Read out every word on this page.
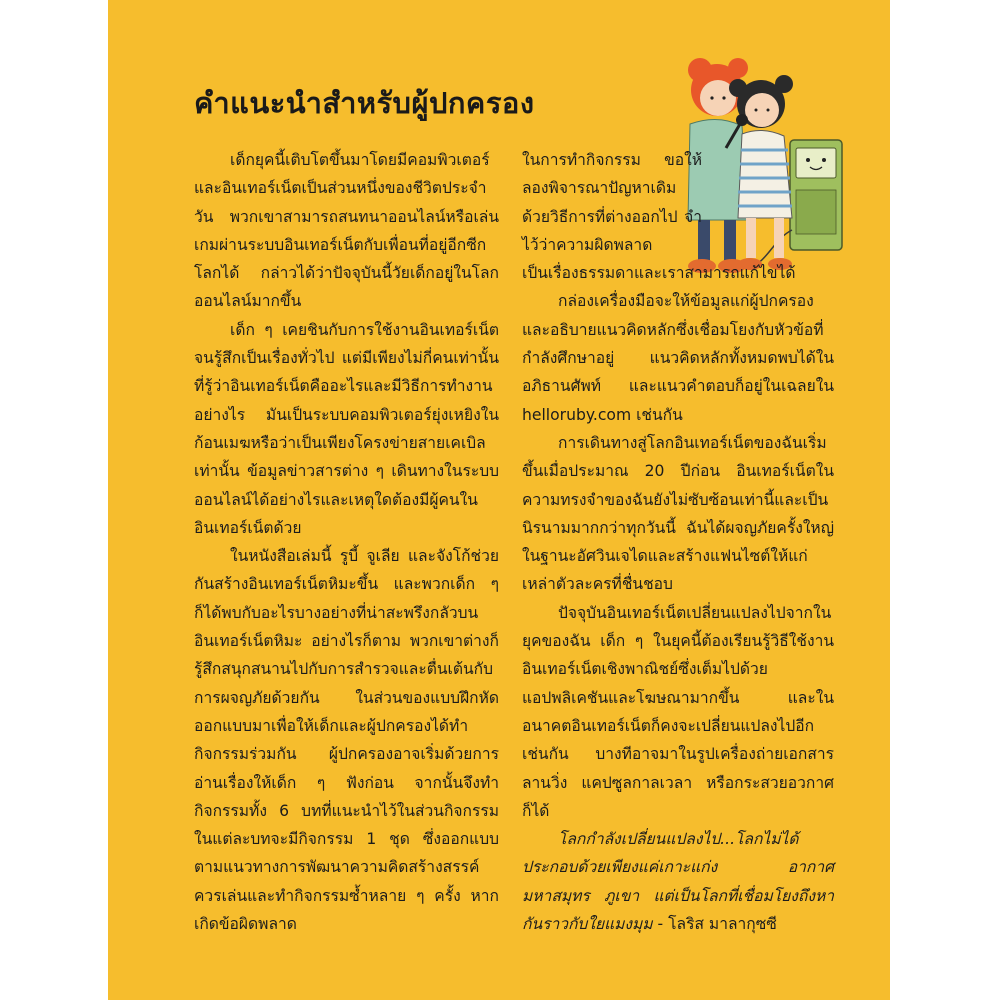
คำแนะนำสำหรับผู้ปกครอง

เด็กยุคนี้เติบโตขึ้นมาโดยมีคอมพิวเตอร์และอินเทอร์เน็ตเป็นส่วนหนึ่งของชีวิตประจำวัน พวกเขาสามารถสนทนาออนไลน์หรือเล่นเกมผ่านระบบอินเทอร์เน็ตกับเพื่อนที่อยู่อีกซีกโลกได้ กล่าวได้ว่าปัจจุบันนี้วัยเด็กอยู่ในโลกออนไลน์มากขึ้น

เด็ก ๆ เคยชินกับการใช้งานอินเทอร์เน็ตจนรู้สึกเป็นเรื่องทั่วไป แต่มีเพียงไม่กี่คนเท่านั้นที่รู้ว่าอินเทอร์เน็ตคืออะไรและมีวิธีการทำงานอย่างไร มันเป็นระบบคอมพิวเตอร์ยุ่งเหยิงในก้อนเมฆหรือว่าเป็นเพียงโครงข่ายสายเคเบิลเท่านั้น ข้อมูลข่าวสารต่าง ๆ เดินทางในระบบออนไลน์ได้อย่างไรและเหตุใดต้องมีผู้คนในอินเทอร์เน็ตด้วย

ในหนังสือเล่มนี้ รูบี้ จูเลีย และจังโก้ช่วยกันสร้างอินเทอร์เน็ตหิมะขึ้น และพวกเด็ก ๆ ก็ได้พบกับอะไรบางอย่างที่น่าสะพรึงกลัวบนอินเทอร์เน็ตหิมะ อย่างไรก็ตาม พวกเขาต่างก็รู้สึกสนุกสนานไปกับการสำรวจและตื่นเต้นกับการผจญภัยด้วยกัน ในส่วนของแบบฝึกหัดออกแบบมาเพื่อให้เด็กและผู้ปกครองได้ทำกิจกรรมร่วมกัน ผู้ปกครองอาจเริ่มด้วยการอ่านเรื่องให้เด็ก ๆ ฟังก่อน จากนั้นจึงทำกิจกรรมทั้ง 6 บทที่แนะนำไว้ในส่วนกิจกรรม ในแต่ละบทจะมีกิจกรรม 1 ชุด ซึ่งออกแบบตามแนวทางการพัฒนาความคิดสร้างสรรค์ ควรเล่นและทำกิจกรรมซ้ำหลาย ๆ ครั้ง หากเกิดข้อผิดพลาด

ในการทำกิจกรรม ขอให้ลองพิจารณาปัญหาเดิมด้วยวิธีการที่ต่างออกไป จำไว้ว่าความผิดพลาด

เป็นเรื่องธรรมดาและเราสามารถแก้ไขได้

กล่องเครื่องมือจะให้ข้อมูลแก่ผู้ปกครองและอธิบายแนวคิดหลักซึ่งเชื่อมโยงกับหัวข้อที่กำลังศึกษาอยู่ แนวคิดหลักทั้งหมดพบได้ในอภิธานศัพท์ และแนวคำตอบก็อยู่ในเฉลยใน helloruby.com เช่นกัน

การเดินทางสู่โลกอินเทอร์เน็ตของฉันเริ่มขึ้นเมื่อประมาณ 20 ปีก่อน อินเทอร์เน็ตในความทรงจำของฉันยังไม่ซับซ้อนเท่านี้และเป็นนิรนามมากกว่าทุกวันนี้ ฉันได้ผจญภัยครั้งใหญ่ในฐานะอัศวินเจไดและสร้างแฟนไซต์ให้แก่เหล่าตัวละครที่ชื่นชอบ

ปัจจุบันอินเทอร์เน็ตเปลี่ยนแปลงไปจากในยุคของฉัน เด็ก ๆ ในยุคนี้ต้องเรียนรู้วิธีใช้งานอินเทอร์เน็ตเชิงพาณิชย์ซึ่งเต็มไปด้วยแอปพลิเคชันและโฆษณามากขึ้น และในอนาคตอินเทอร์เน็ตก็คงจะเปลี่ยนแปลงไปอีกเช่นกัน บางทีอาจมาในรูปเครื่องถ่ายเอกสาร ลานวิ่ง แคปซูลกาลเวลา หรือกระสวยอวกาศก็ได้

โลกกำลังเปลี่ยนแปลงไป...โลกไม่ได้ประกอบด้วยเพียงแค่เกาะแก่ง อากาศ มหาสมุทร ภูเขา แต่เป็นโลกที่เชื่อมโยงถึงหากันราวกับใยแมงมุม - โลริส มาลากุซซี
